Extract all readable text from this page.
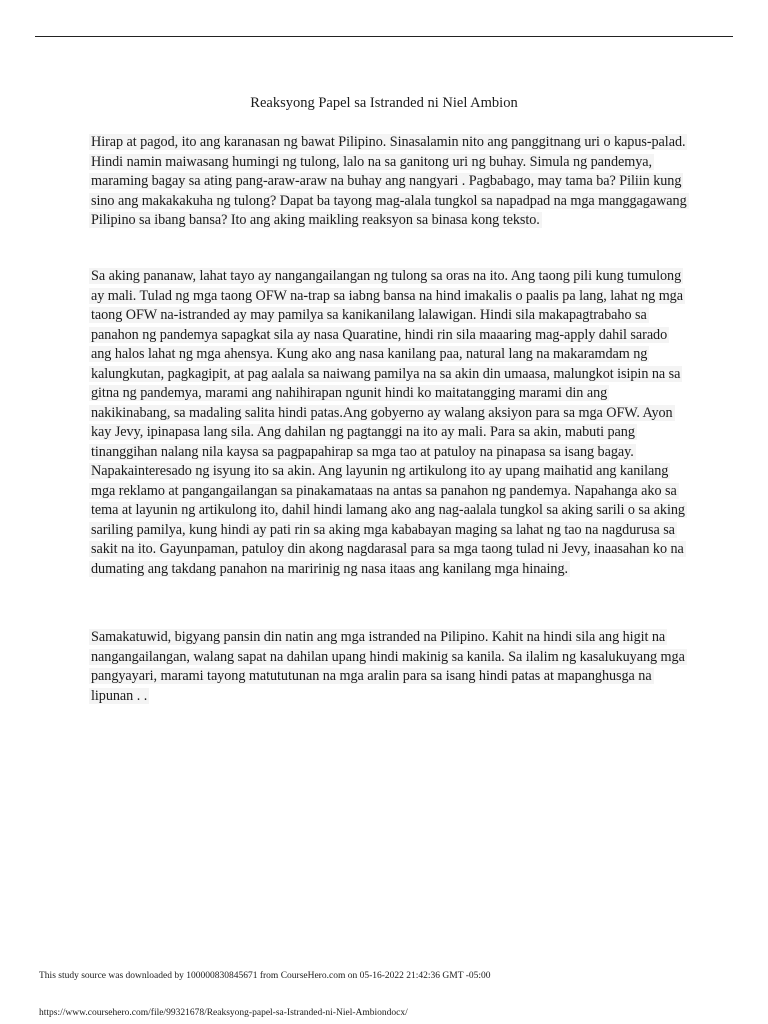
Reaksyong Papel sa Istranded ni Niel Ambion

Hirap at pagod, ito ang karanasan ng bawat Pilipino. Sinasalamin nito ang panggitnang uri o kapus-palad. Hindi namin maiwasang humingi ng tulong, lalo na sa ganitong uri ng buhay. Simula ng pandemya, maraming bagay sa ating pang-araw-araw na buhay ang nangyari . Pagbabago, may tama ba? Piliin kung sino ang makakakuha ng tulong? Dapat ba tayong mag-alala tungkol sa napadpad na mga manggagawang Pilipino sa ibang bansa? Ito ang aking maikling reaksyon sa binasa kong teksto.

Sa aking pananaw, lahat tayo ay nangangailangan ng tulong sa oras na ito. Ang taong pili kung tumulong ay mali. Tulad ng mga taong OFW na-trap sa iabng bansa na hind imakalis o paalis pa lang, lahat ng mga taong OFW na-istranded ay may pamilya sa kanikanilang lalawigan. Hindi sila makapagtrabaho sa panahon ng pandemya sapagkat sila ay nasa Quaratine, hindi rin sila maaaring mag-apply dahil sarado ang halos lahat ng mga ahensya. Kung ako ang nasa kanilang paa, natural lang na makaramdam ng kalungkutan, pagkagipit, at pag aalala sa naiwang pamilya na sa akin din umaasa, malungkot isipin na sa gitna ng pandemya, marami ang nahihirapan ngunit hindi ko maitatangging marami din ang nakikinabang, sa madaling salita hindi patas.Ang gobyerno ay walang aksiyon para sa mga OFW. Ayon kay Jevy, ipinapasa lang sila. Ang dahilan ng pagtanggi na ito ay mali. Para sa akin, mabuti pang tinanggihan nalang nila kaysa sa pagpapahirap sa mga tao at patuloy na pinapasa sa isang bagay. Napakainteresado ng isyung ito sa akin. Ang layunin ng artikulong ito ay upang maihatid ang kanilang mga reklamo at pangangailangan sa pinakamataas na antas sa panahon ng pandemya. Napahanga ako sa tema at layunin ng artikulong ito, dahil hindi lamang ako ang nag-aalala tungkol sa aking sarili o sa aking sariling pamilya, kung hindi ay pati rin sa aking mga kababayan maging sa lahat ng tao na nagdurusa sa sakit na ito. Gayunpaman, patuloy din akong nagdarasal para sa mga taong tulad ni Jevy, inaasahan ko na dumating ang takdang panahon na maririnig ng nasa itaas ang kanilang mga hinaing.

Samakatuwid, bigyang pansin din natin ang mga istranded na Pilipino. Kahit na hindi sila ang higit na nangangailangan, walang sapat na dahilan upang hindi makinig sa kanila. Sa ilalim ng kasalukuyang mga pangyayari, marami tayong matututunan na mga aralin para sa isang hindi patas at mapanghusga na lipunan . .

This study source was downloaded by 100000830845671 from CourseHero.com on 05-16-2022 21:42:36 GMT -05:00
https://www.coursehero.com/file/99321678/Reaksyong-papel-sa-Istranded-ni-Niel-Ambiondocx/
